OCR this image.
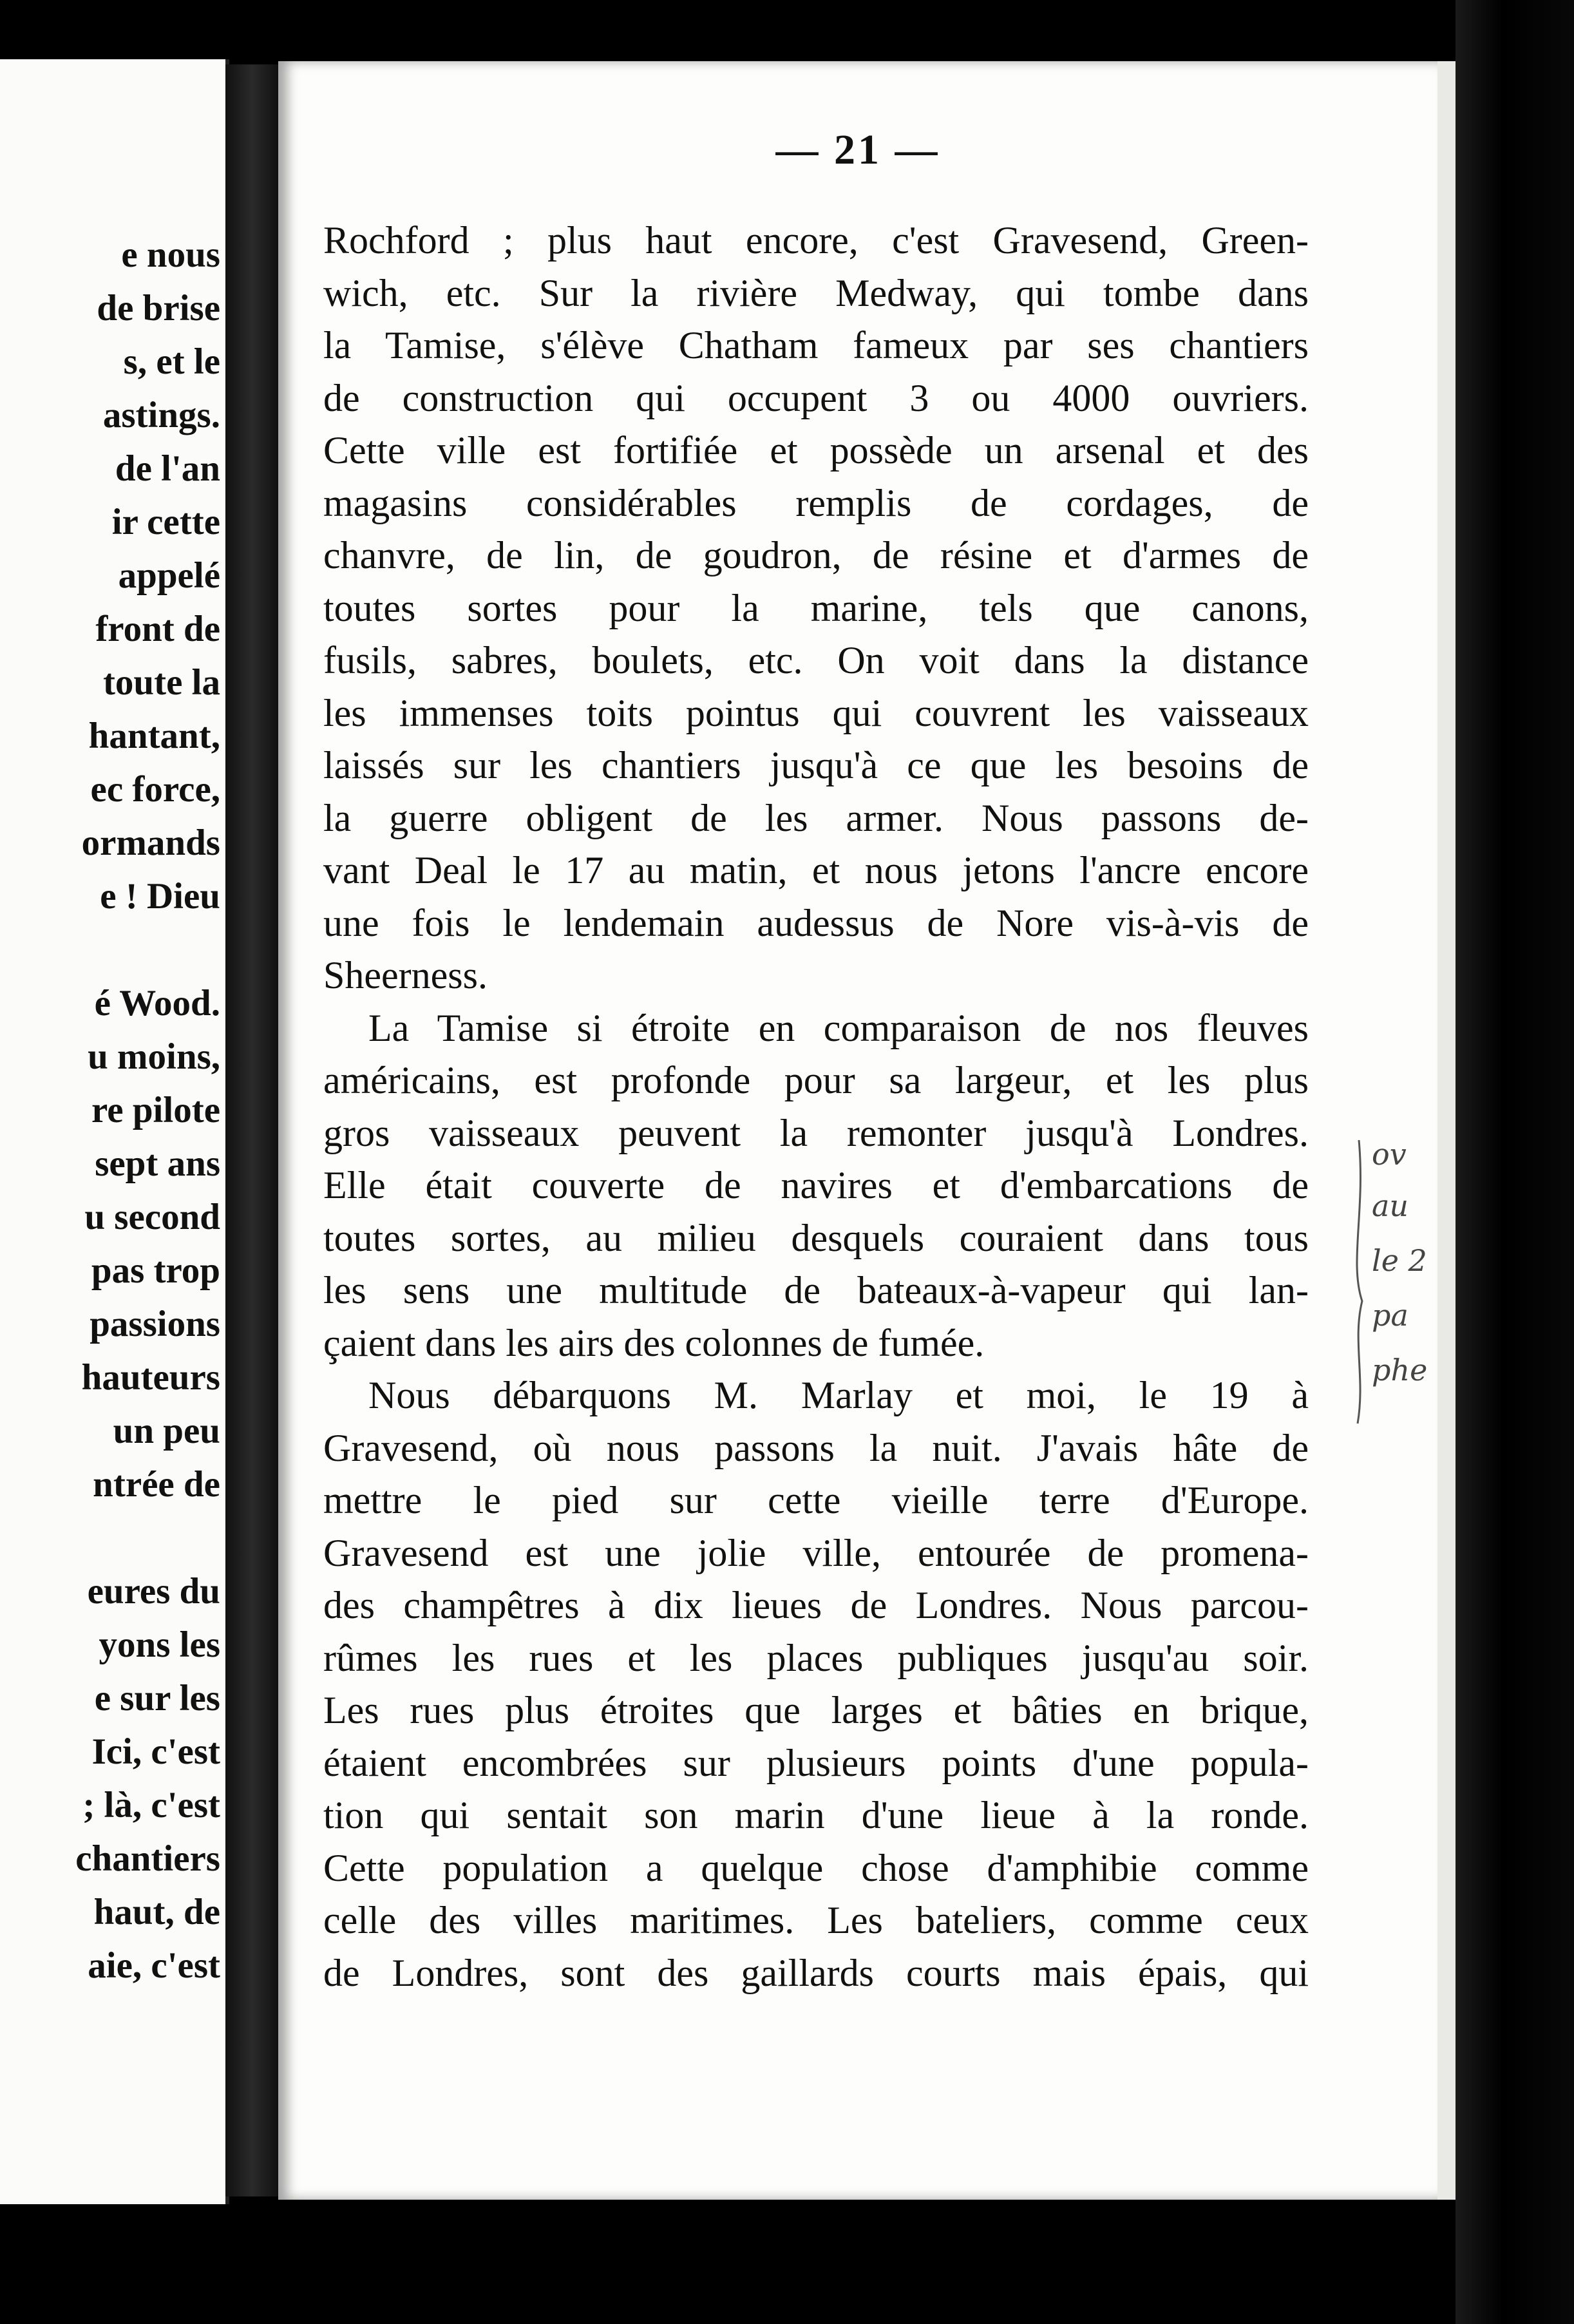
e nous
de brise
s, et le
astings.
de l'an
ir cette
appelé
front de
toute la
hantant,
ec force,
ormands
e ! Dieu
é Wood.
u moins,
re pilote
sept ans
u second
pas trop
passions
hauteurs
un peu
ntrée de
eures du
yons les
e sur les
Ici, c'est
; là, c'est
chantiers
haut, de
aie, c'est
— 21 —
Rochford ; plus haut encore, c'est Gravesend, Green-
wich, etc. Sur la rivière Medway, qui tombe dans
la Tamise, s'élève Chatham fameux par ses chantiers
de construction qui occupent 3 ou 4000 ouvriers.
Cette ville est fortifiée et possède un arsenal et des
magasins considérables remplis de cordages, de
chanvre, de lin, de goudron, de résine et d'armes de
toutes sortes pour la marine, tels que canons,
fusils, sabres, boulets, etc. On voit dans la distance
les immenses toits pointus qui couvrent les vaisseaux
laissés sur les chantiers jusqu'à ce que les besoins de
la guerre obligent de les armer. Nous passons de-
vant Deal le 17 au matin, et nous jetons l'ancre encore
une fois le lendemain audessus de Nore vis-à-vis de
Sheerness.
La Tamise si étroite en comparaison de nos fleuves
américains, est profonde pour sa largeur, et les plus
gros vaisseaux peuvent la remonter jusqu'à Londres.
Elle était couverte de navires et d'embarcations de
toutes sortes, au milieu desquels couraient dans tous
les sens une multitude de bateaux-à-vapeur qui lan-
çaient dans les airs des colonnes de fumée.
Nous débarquons M. Marlay et moi, le 19 à
Gravesend, où nous passons la nuit. J'avais hâte de
mettre le pied sur cette vieille terre d'Europe.
Gravesend est une jolie ville, entourée de promena-
des champêtres à dix lieues de Londres. Nous parcou-
rûmes les rues et les places publiques jusqu'au soir.
Les rues plus étroites que larges et bâties en brique,
étaient encombrées sur plusieurs points d'une popula-
tion qui sentait son marin d'une lieue à la ronde.
Cette population a quelque chose d'amphibie comme
celle des villes maritimes. Les bateliers, comme ceux
de Londres, sont des gaillards courts mais épais, qui
ov
au
le 2
pa
phe
